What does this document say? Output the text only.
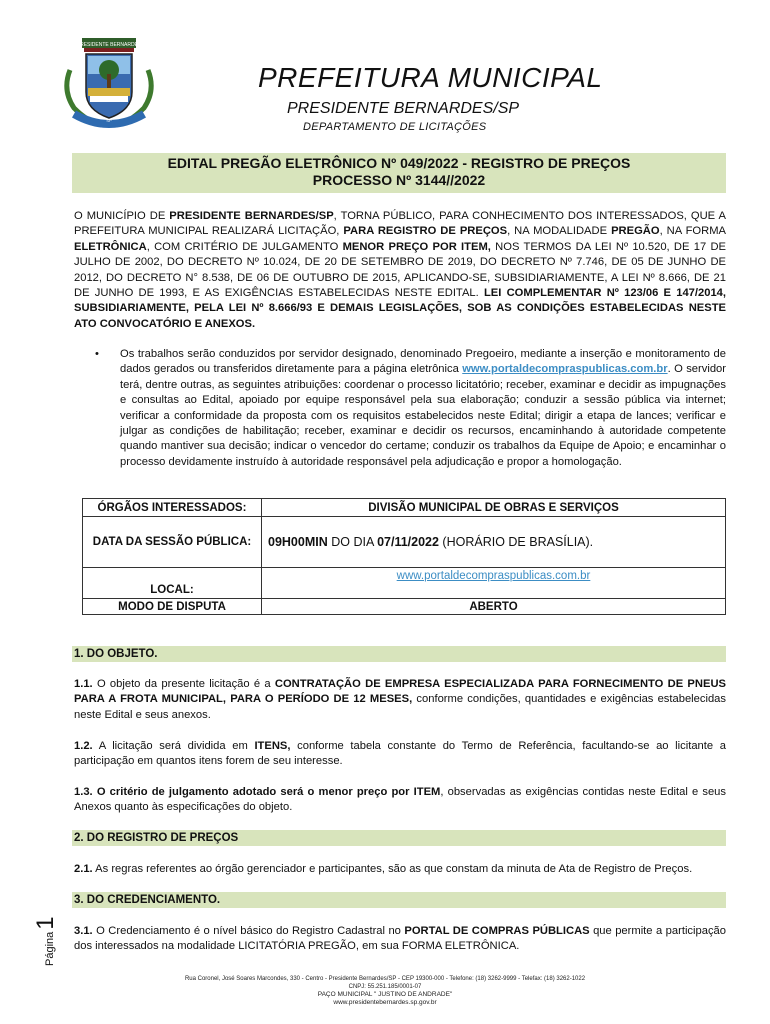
PRESIDENTE BERNARDES
SP
PREFEITURA MUNICIPAL
PRESIDENTE BERNARDES/SP
DEPARTAMENTO DE LICITAÇÕES
EDITAL PREGÃO ELETRÔNICO Nº 049/2022 - REGISTRO DE PREÇOS
PROCESSO Nº 3144//2022
O MUNICÍPIO DE PRESIDENTE BERNARDES/SP, TORNA PÚBLICO, PARA CONHECIMENTO DOS INTERESSADOS, QUE A PREFEITURA MUNICIPAL REALIZARÁ LICITAÇÃO, PARA REGISTRO DE PREÇOS, NA MODALIDADE PREGÃO, NA FORMA ELETRÔNICA, COM CRITÉRIO DE JULGAMENTO MENOR PREÇO POR ITEM, NOS TERMOS DA LEI Nº 10.520, DE 17 DE JULHO DE 2002, DO DECRETO Nº 10.024, DE 20 DE SETEMBRO DE 2019, DO DECRETO Nº 7.746, DE 05 DE JUNHO DE 2012, DO DECRETO N° 8.538, DE 06 DE OUTUBRO DE 2015, APLICANDO-SE, SUBSIDIARIAMENTE, A LEI Nº 8.666, DE 21 DE JUNHO DE 1993, E AS EXIGÊNCIAS ESTABELECIDAS NESTE EDITAL. LEI COMPLEMENTAR Nº 123/06 E 147/2014, SUBSIDIARIAMENTE, PELA LEI Nº 8.666/93 E DEMAIS LEGISLAÇÕES, SOB AS CONDIÇÕES ESTABELECIDAS NESTE ATO CONVOCATÓRIO E ANEXOS.
• Os trabalhos serão conduzidos por servidor designado, denominado Pregoeiro, mediante a inserção e monitoramento de dados gerados ou transferidos diretamente para a página eletrônica www.portaldecompraspublicas.com.br. O servidor terá, dentre outras, as seguintes atribuições: coordenar o processo licitatório; receber, examinar e decidir as impugnações e consultas ao Edital, apoiado por equipe responsável pela sua elaboração; conduzir a sessão pública via internet; verificar a conformidade da proposta com os requisitos estabelecidos neste Edital; dirigir a etapa de lances; verificar e julgar as condições de habilitação; receber, examinar e decidir os recursos, encaminhando à autoridade competente quando mantiver sua decisão; indicar o vencedor do certame; conduzir os trabalhos da Equipe de Apoio; e encaminhar o processo devidamente instruído à autoridade responsável pela adjudicação e propor a homologação.
ÓRGÃOS INTERESSADOS:	DIVISÃO MUNICIPAL DE OBRAS E SERVIÇOS
DATA DA SESSÃO PÚBLICA:	09H00MIN DO DIA 07/11/2022 (HORÁRIO DE BRASÍLIA).
LOCAL:	www.portaldecompraspublicas.com.br
MODO DE DISPUTA	ABERTO
1. DO OBJETO.
1.1. O objeto da presente licitação é a CONTRATAÇÃO DE EMPRESA ESPECIALIZADA PARA FORNECIMENTO DE PNEUS PARA A FROTA MUNICIPAL, PARA O PERÍODO DE 12 MESES, conforme condições, quantidades e exigências estabelecidas neste Edital e seus anexos.
1.2. A licitação será dividida em ITENS, conforme tabela constante do Termo de Referência, facultando-se ao licitante a participação em quantos itens forem de seu interesse.
1.3. O critério de julgamento adotado será o menor preço por ITEM, observadas as exigências contidas neste Edital e seus Anexos quanto às especificações do objeto.
2. DO REGISTRO DE PREÇOS
2.1. As regras referentes ao órgão gerenciador e participantes, são as que constam da minuta de Ata de Registro de Preços.
3. DO CREDENCIAMENTO.
3.1. O Credenciamento é o nível básico do Registro Cadastral no PORTAL DE COMPRAS PÚBLICAS que permite a participação dos interessados na modalidade LICITATÓRIA PREGÃO, em sua FORMA ELETRÔNICA.
Página1
Rua Coronel, José Soares Marcondes, 330 - Centro - Presidente Bernardes/SP - CEP 19300-000 - Telefone: (18) 3262-9999 - Telefax: (18) 3262-1022
CNPJ: 55.251.185/0001-07
PAÇO MUNICIPAL " JUSTINO DE ANDRADE"
www.presidentebernardes.sp.gov.br
